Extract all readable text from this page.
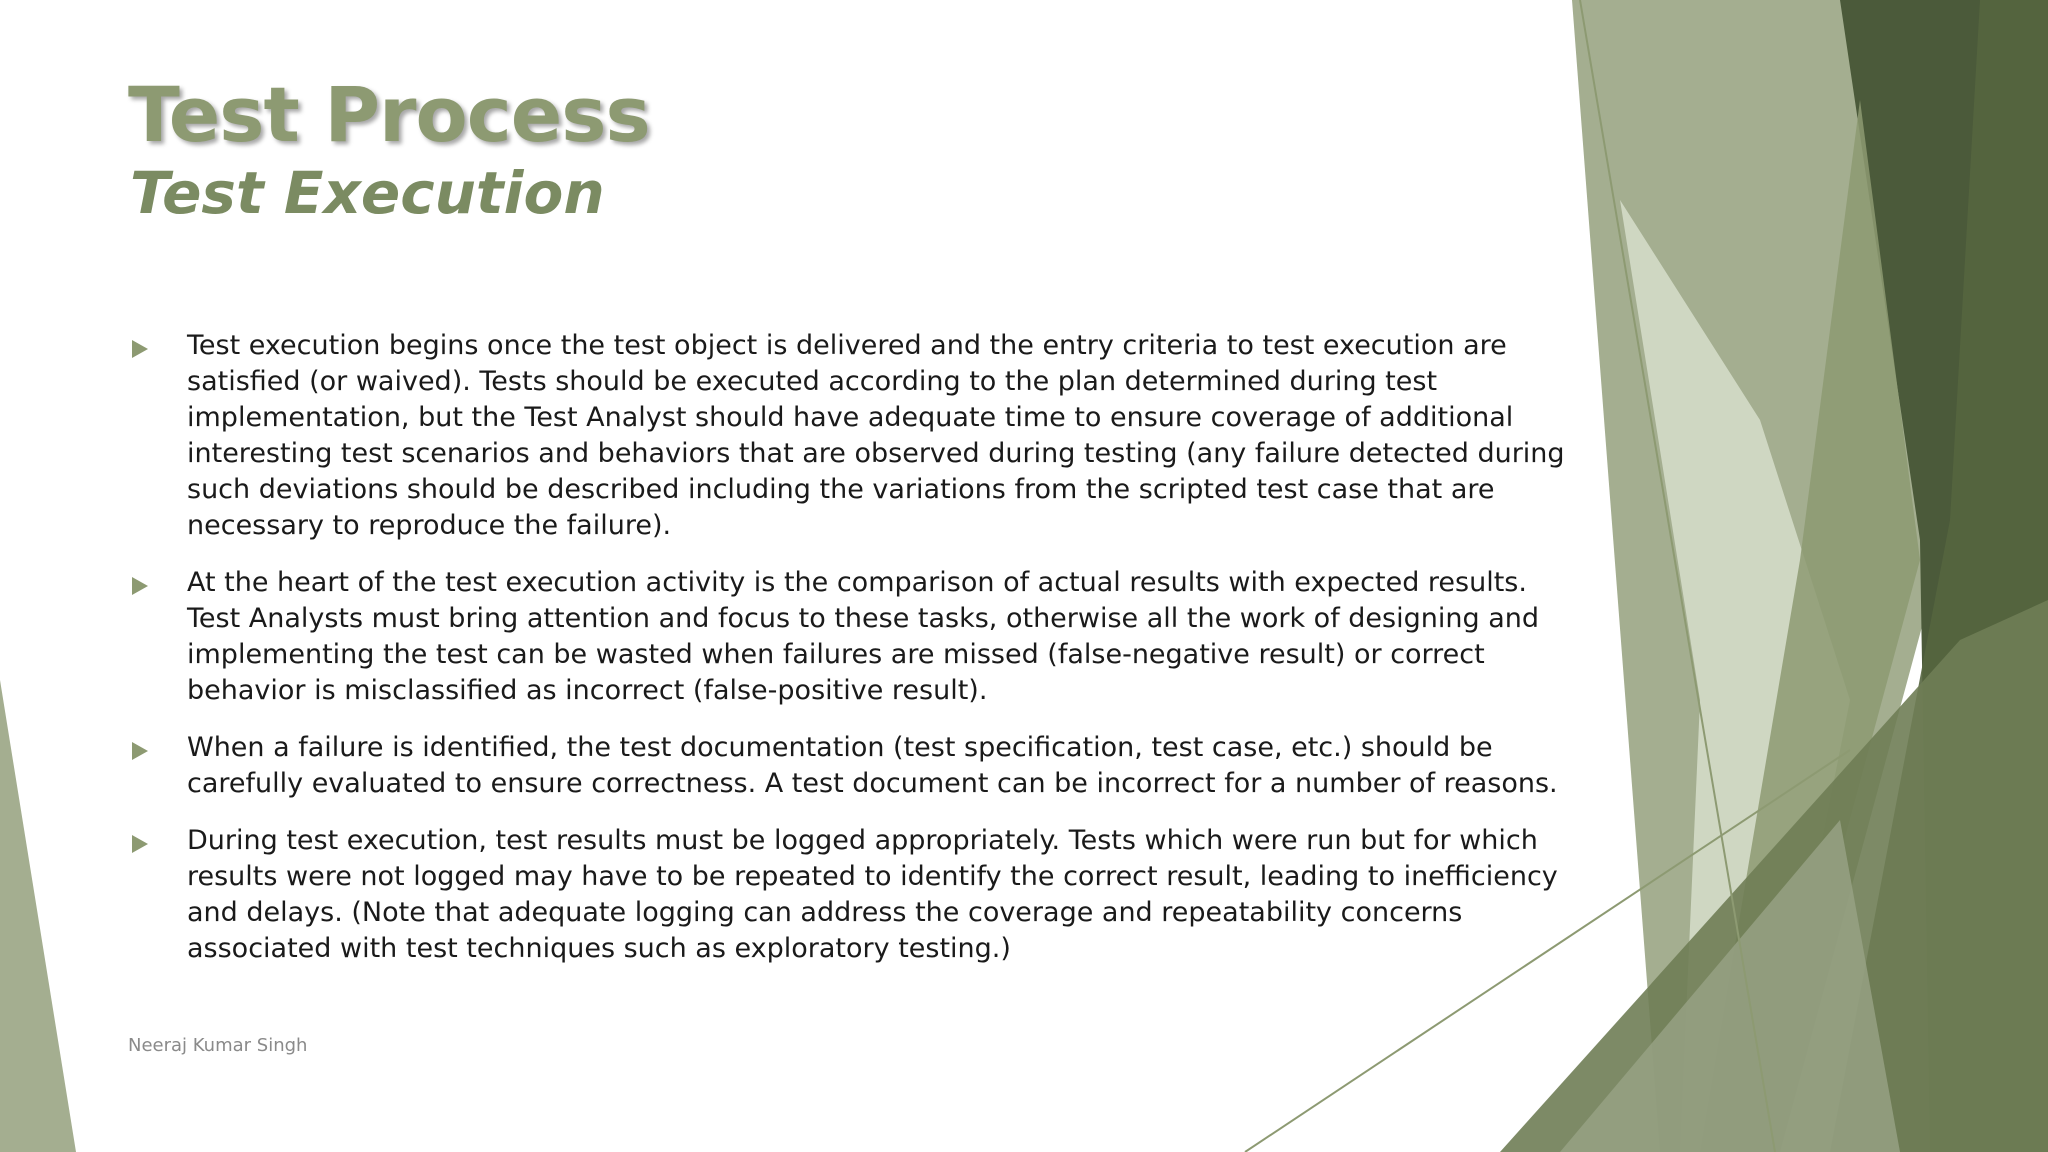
Test Process
Test Execution
Test execution begins once the test object is delivered and the entry criteria to test execution are satisfied (or waived). Tests should be executed according to the plan determined during test implementation, but the Test Analyst should have adequate time to ensure coverage of additional interesting test scenarios and behaviors that are observed during testing (any failure detected during such deviations should be described including the variations from the scripted test case that are necessary to reproduce the failure).
At the heart of the test execution activity is the comparison of actual results with expected results. Test Analysts must bring attention and focus to these tasks, otherwise all the work of designing and implementing the test can be wasted when failures are missed (false-negative result) or correct behavior is misclassified as incorrect (false-positive result).
When a failure is identified, the test documentation (test specification, test case, etc.) should be carefully evaluated to ensure correctness. A test document can be incorrect for a number of reasons.
During test execution, test results must be logged appropriately. Tests which were run but for which results were not logged may have to be repeated to identify the correct result, leading to inefficiency and delays. (Note that adequate logging can address the coverage and repeatability concerns associated with test techniques such as exploratory testing.)

Neeraj Kumar Singh
